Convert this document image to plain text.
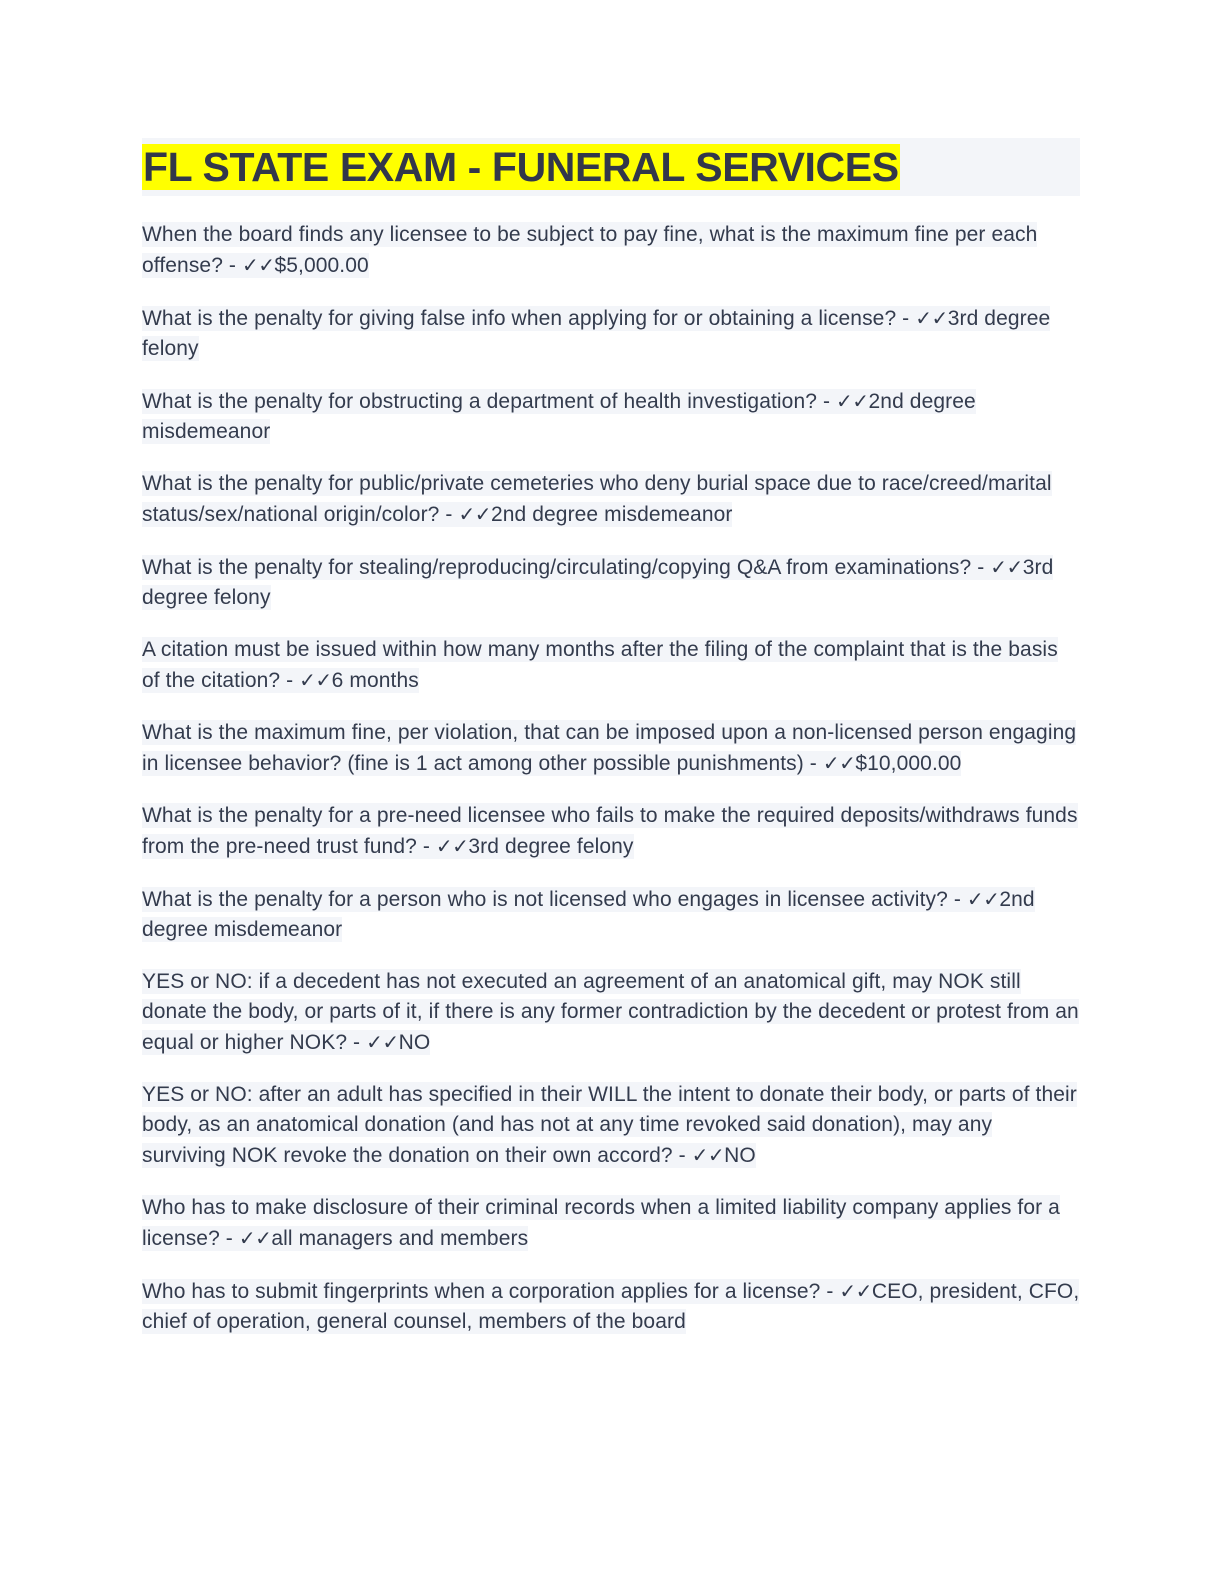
FL STATE EXAM - FUNERAL SERVICES

When the board finds any licensee to be subject to pay fine, what is the maximum fine per each offense? - ✓✓$5,000.00

What is the penalty for giving false info when applying for or obtaining a license? - ✓✓3rd degree felony

What is the penalty for obstructing a department of health investigation? - ✓✓2nd degree misdemeanor

What is the penalty for public/private cemeteries who deny burial space due to race/creed/marital status/sex/national origin/color? - ✓✓2nd degree misdemeanor

What is the penalty for stealing/reproducing/circulating/copying Q&A from examinations? - ✓✓3rd degree felony

A citation must be issued within how many months after the filing of the complaint that is the basis of the citation? - ✓✓6 months

What is the maximum fine, per violation, that can be imposed upon a non-licensed person engaging in licensee behavior? (fine is 1 act among other possible punishments) - ✓✓$10,000.00

What is the penalty for a pre-need licensee who fails to make the required deposits/withdraws funds from the pre-need trust fund? - ✓✓3rd degree felony

What is the penalty for a person who is not licensed who engages in licensee activity? - ✓✓2nd degree misdemeanor

YES or NO: if a decedent has not executed an agreement of an anatomical gift, may NOK still donate the body, or parts of it, if there is any former contradiction by the decedent or protest from an equal or higher NOK? - ✓✓NO

YES or NO: after an adult has specified in their WILL the intent to donate their body, or parts of their body, as an anatomical donation (and has not at any time revoked said donation), may any surviving NOK revoke the donation on their own accord? - ✓✓NO

Who has to make disclosure of their criminal records when a limited liability company applies for a license? - ✓✓all managers and members

Who has to submit fingerprints when a corporation applies for a license? - ✓✓CEO, president, CFO, chief of operation, general counsel, members of the board
